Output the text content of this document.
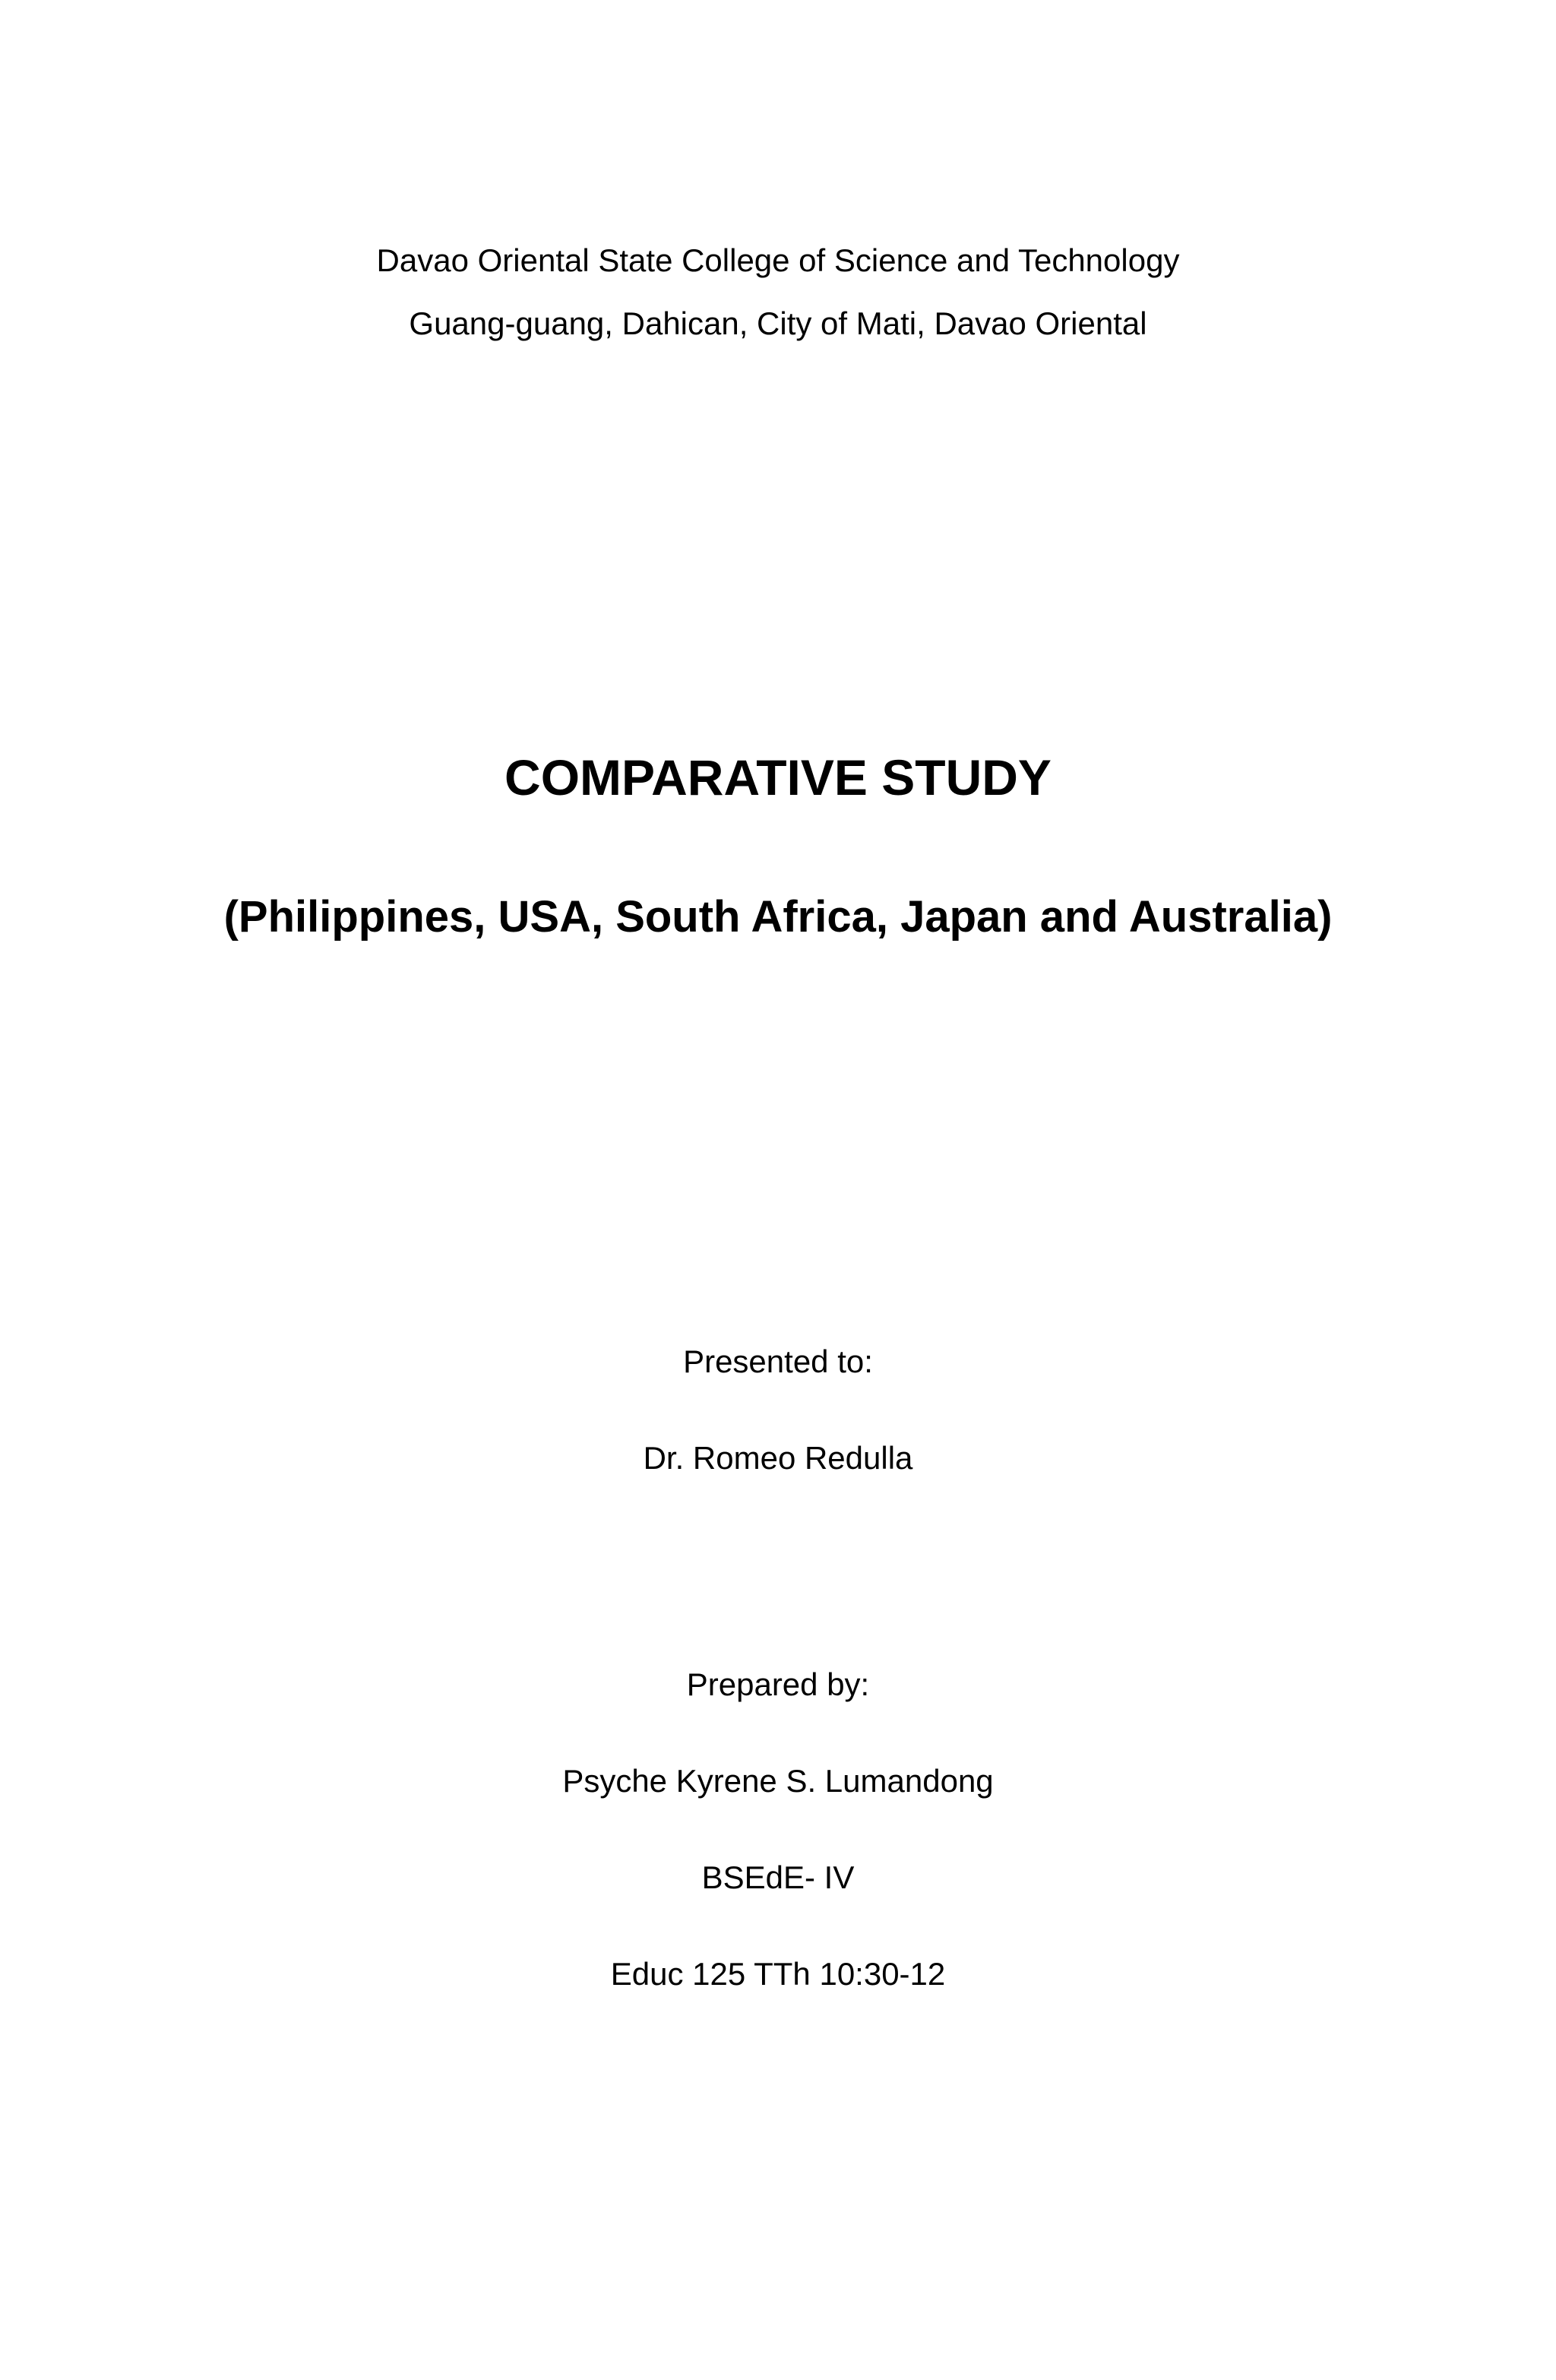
Davao Oriental State College of Science and Technology
Guang-guang, Dahican, City of Mati, Davao Oriental
COMPARATIVE STUDY
(Philippines, USA, South Africa, Japan and Australia)
Presented to:
Dr. Romeo Redulla
Prepared by:
Psyche Kyrene S. Lumandong
BSEdE- IV
Educ 125 TTh 10:30-12
